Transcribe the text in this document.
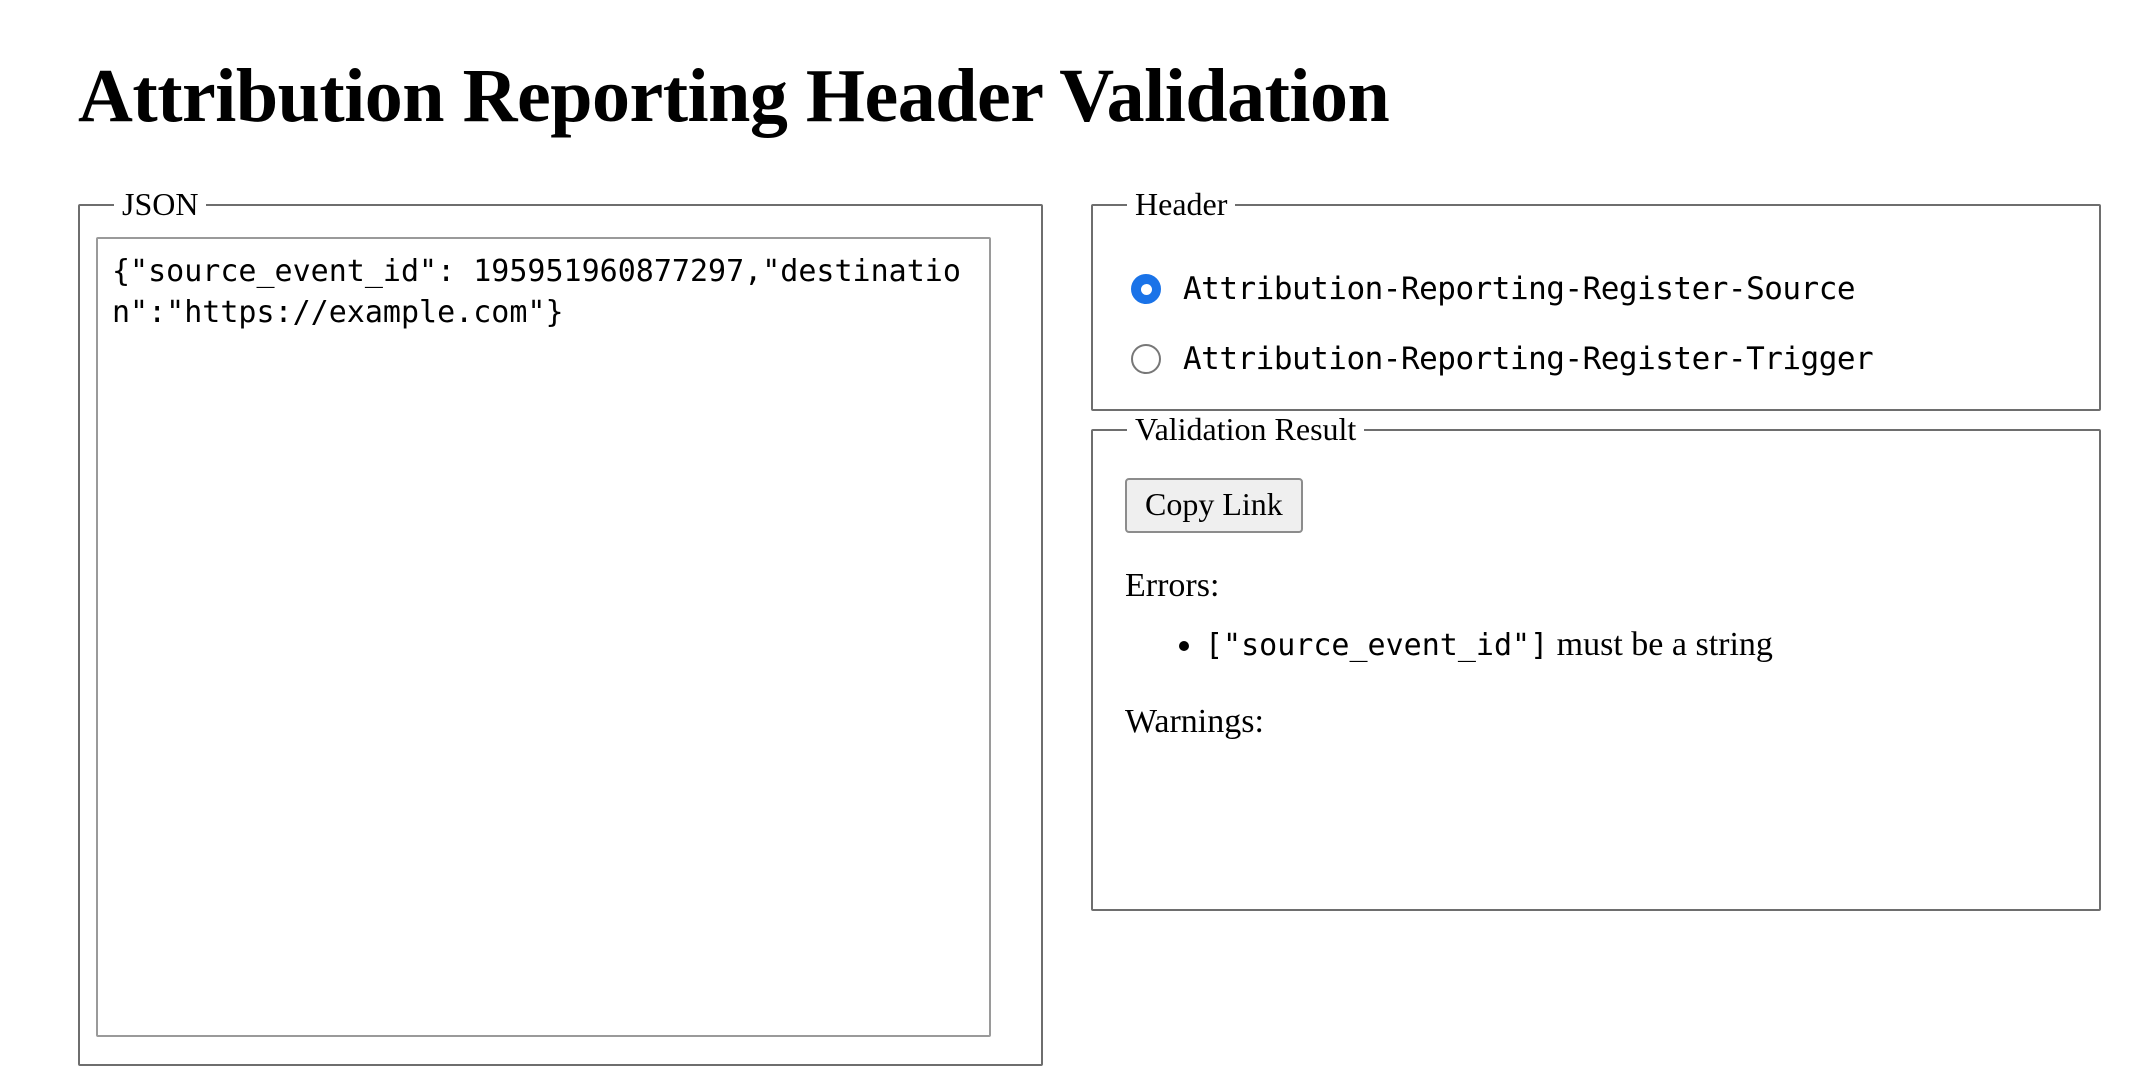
Attribution Reporting Header Validation
JSON
{"source_event_id": 195951960877297,"destination":"https://example.com"}	Header
Attribution-Reporting-Register-Source
Attribution-Reporting-Register-Trigger
Validation Result
Copy Link
Errors:
• ["source_event_id"] must be a string
Warnings:
